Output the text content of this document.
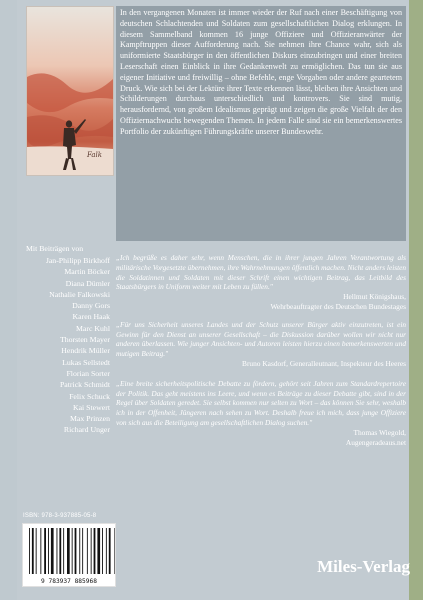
Falk

In den vergangenen Monaten ist immer wieder der Ruf nach einer Beschäftigung von deutschen Schlachtenden und Soldaten zum gesellschaftlichen Dialog erklungen. In diesem Sammelband kommen 16 junge Offiziere und Offizieranwärter der Kampftruppen dieser Aufforderung nach. Sie nehmen ihre Chance wahr, sich als uniformierte Staatsbürger in den öffentlichen Diskurs einzubringen und einer breiten Leserschaft einen Einblick in ihre Gedankenwelt zu ermöglichen. Das tun sie aus eigener Initiative und freiwillig – ohne Befehle, enge Vorgaben oder andere geartetem Druck. Wie sich bei der Lektüre ihrer Texte erkennen lässt, bleiben ihre Ansichten und Schilderungen durchaus unterschiedlich und kontrovers. Sie sind mutig, herausfordernd, von großem Idealismus geprägt und zeigen die große Vielfalt der den Offiziernachwuchs bewegenden Themen. In jedem Falle sind sie ein bemerkenswertes Portfolio der zukünftigen Führungskräfte unserer Bundeswehr.

Mit Beiträgen von
Jan-Philipp Birkhoff
Martin Böcker
Diana Dümler
Nathalie Falkowski
Danny Gors
Karen Haak
Marc Kuhl
Thorsten Mayer
Hendrik Müller
Lukas Sellstedt
Florian Sorter
Patrick Schmidt
Felix Schuck
Kai Stewert
Max Prinzen
Richard Unger

„Ich begrüße es daher sehr, wenn Menschen, die in ihrer jungen Jahren Verantwortung als militärische Vorgesetzte übernehmen, ihre Wahrnehmungen öffentlich machen. Nicht anders leisten die Soldatinnen und Soldaten mit dieser Schrift einen wichtigen Beitrag, das Leitbild des Staatsbürgers in Uniform weiter mit Leben zu füllen."

Hellmut Königshaus,

Wehrbeauftragter des Deutschen Bundestages

„Für uns Sicherheit unseres Landes und der Schutz unserer Bürger aktiv einzutreten, ist ein Gewinn für den Dienst an unserer Gesellschaft – die Diskussion darüber wollen wir nicht nur anderen überlassen. Wie junger Ansichten- und Autoren leisten hierzu einen bemerkenswerten und mutigen Beitrag."

Bruno Kasdorf, Generalleutnant, Inspekteur des Heeres

„Eine breite sicherheitspolitische Debatte zu fördern, gehört seit Jahren zum Standardrepertoire der Politik. Das geht meistens ins Leere, und wenn es Beiträge zu dieser Debatte gibt, sind in der Regel über Soldaten geredet. Sie selbst kommen nur selten zu Wort – das können Sie sehr, weshalb ich in der Offenheit, Jüngeren nach sehen zu Wort. Deshalb freue ich mich, dass junge Offiziere von sich aus die Beteiligung am gesellschaftlichen Dialog suchen."

Thomas Wiegold,

Augengeradeaus.net

ISBN: 978-3-937885-05-8
9 783937 885968
Miles-Verlag
